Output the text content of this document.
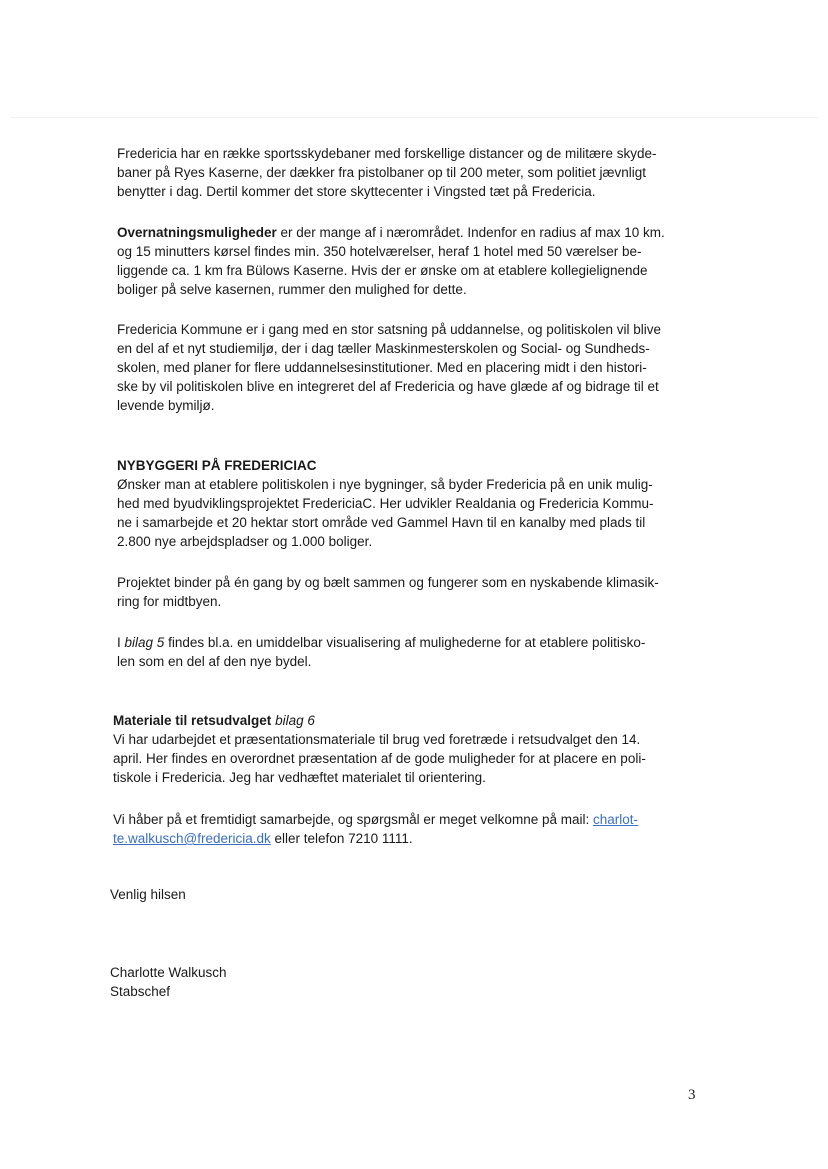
Fredericia har en række sportsskydebaner med forskellige distancer og de militære skyde-
baner på Ryes Kaserne, der dækker fra pistolbaner op til 200 meter, som politiet jævnligt
benytter i dag. Dertil kommer det store skyttecenter i Vingsted tæt på Fredericia.

Overnatningsmuligheder er der mange af i nærområdet. Indenfor en radius af max 10 km.
og 15 minutters kørsel findes min. 350 hotelværelser, heraf 1 hotel med 50 værelser be-
liggende ca. 1 km fra Bülows Kaserne. Hvis der er ønske om at etablere kollegielignende
boliger på selve kasernen, rummer den mulighed for dette.

Fredericia Kommune er i gang med en stor satsning på uddannelse, og politiskolen vil blive
en del af et nyt studiemiljø, der i dag tæller Maskinmesterskolen og Social- og Sundheds-
skolen, med planer for flere uddannelsesinstitutioner. Med en placering midt i den histori-
ske by vil politiskolen blive en integreret del af Fredericia og have glæde af og bidrage til et
levende bymiljø.

NYBYGGERI PÅ FREDERICIAC
Ønsker man at etablere politiskolen i nye bygninger, så byder Fredericia på en unik mulig-
hed med byudviklingsprojektet FredericiaC. Her udvikler Realdania og Fredericia Kommu-
ne i samarbejde et 20 hektar stort område ved Gammel Havn til en kanalby med plads til
2.800 nye arbejdspladser og 1.000 boliger.

Projektet binder på én gang by og bælt sammen og fungerer som en nyskabende klimasik-
ring for midtbyen.

I bilag 5 findes bl.a. en umiddelbar visualisering af mulighederne for at etablere politisko-
len som en del af den nye bydel.

Materiale til retsudvalget bilag 6
Vi har udarbejdet et præsentationsmateriale til brug ved foretræde i retsudvalget den 14.
april. Her findes en overordnet præsentation af de gode muligheder for at placere en poli-
tiskole i Fredericia. Jeg har vedhæftet materialet til orientering.

Vi håber på et fremtidigt samarbejde, og spørgsmål er meget velkomne på mail: charlot-
te.walkusch@fredericia.dk eller telefon 7210 1111.

Venlig hilsen

Charlotte Walkusch
Stabschef

3
